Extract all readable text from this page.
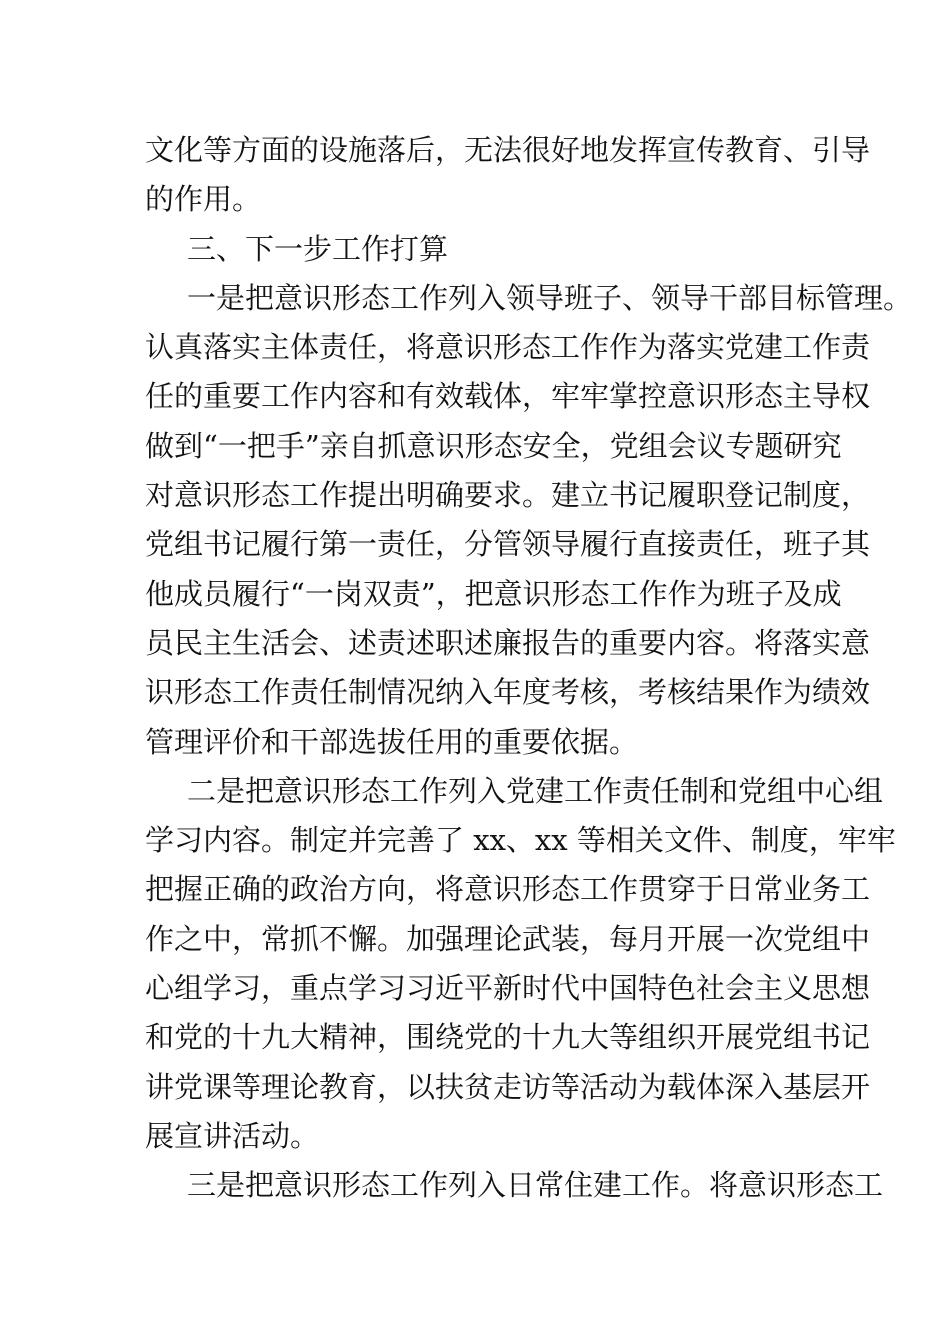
文化等方面的设施落后，无法很好地发挥宣传教育、引导
的作用。
三、下一步工作打算
一是把意识形态工作列入领导班子、领导干部目标管理。
认真落实主体责任，将意识形态工作作为落实党建工作责
任的重要工作内容和有效载体，牢牢掌控意识形态主导权
做到“一把手”亲自抓意识形态安全，党组会议专题研究
对意识形态工作提出明确要求。建立书记履职登记制度，
党组书记履行第一责任，分管领导履行直接责任，班子其
他成员履行“一岗双责”，把意识形态工作作为班子及成
员民主生活会、述责述职述廉报告的重要内容。将落实意
识形态工作责任制情况纳入年度考核，考核结果作为绩效
管理评价和干部选拔任用的重要依据。
二是把意识形态工作列入党建工作责任制和党组中心组
学习内容。制定并完善了 xx、xx 等相关文件、制度，牢牢
把握正确的政治方向，将意识形态工作贯穿于日常业务工
作之中，常抓不懈。加强理论武装，每月开展一次党组中
心组学习，重点学习习近平新时代中国特色社会主义思想
和党的十九大精神，围绕党的十九大等组织开展党组书记
讲党课等理论教育，以扶贫走访等活动为载体深入基层开
展宣讲活动。
三是把意识形态工作列入日常住建工作。将意识形态工
